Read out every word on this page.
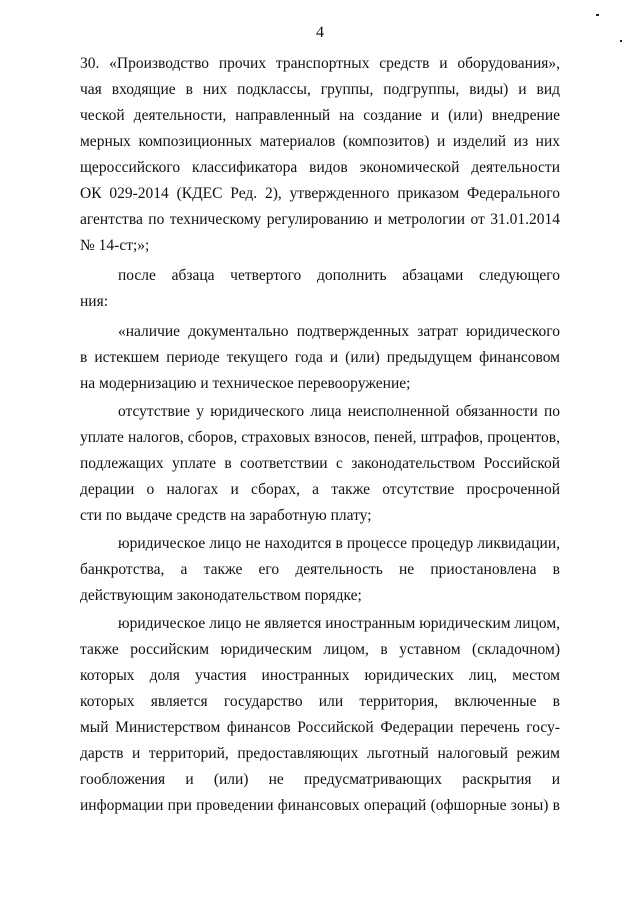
4
30. «Производство прочих транспортных средств и оборудования»,
чая входящие в них подклассы, группы, подгруппы, виды) и вид
ческой деятельности, направленный на создание и (или) внедрение
мерных композиционных материалов (композитов) и изделий из них
щероссийского классификатора видов экономической деятельности
ОК 029-2014 (КДЕС Ред. 2), утвержденного приказом Федерального
агентства по техническому регулированию и метрологии от 31.01.2014
№ 14-ст;»;
после абзаца четвертого дополнить абзацами следующего
ния:
«наличие документально подтвержденных затрат юридического
в истекшем периоде текущего года и (или) предыдущем финансовом
на модернизацию и техническое перевооружение;
отсутствие у юридического лица неисполненной обязанности по
уплате налогов, сборов, страховых взносов, пеней, штрафов, процентов,
подлежащих уплате в соответствии с законодательством Российской
дерации о налогах и сборах, а также отсутствие просроченной
сти по выдаче средств на заработную плату;
юридическое лицо не находится в процессе процедур ликвидации,
банкротства, а также его деятельность не приостановлена в
действующим законодательством порядке;
юридическое лицо не является иностранным юридическим лицом,
также российским юридическим лицом, в уставном (складочном)
которых доля участия иностранных юридических лиц, местом
которых является государство или территория, включенные в
мый Министерством финансов Российской Федерации перечень госу-
дарств и территорий, предоставляющих льготный налоговый режим
гообложения и (или) не предусматривающих раскрытия и
информации при проведении финансовых операций (офшорные зоны) в
